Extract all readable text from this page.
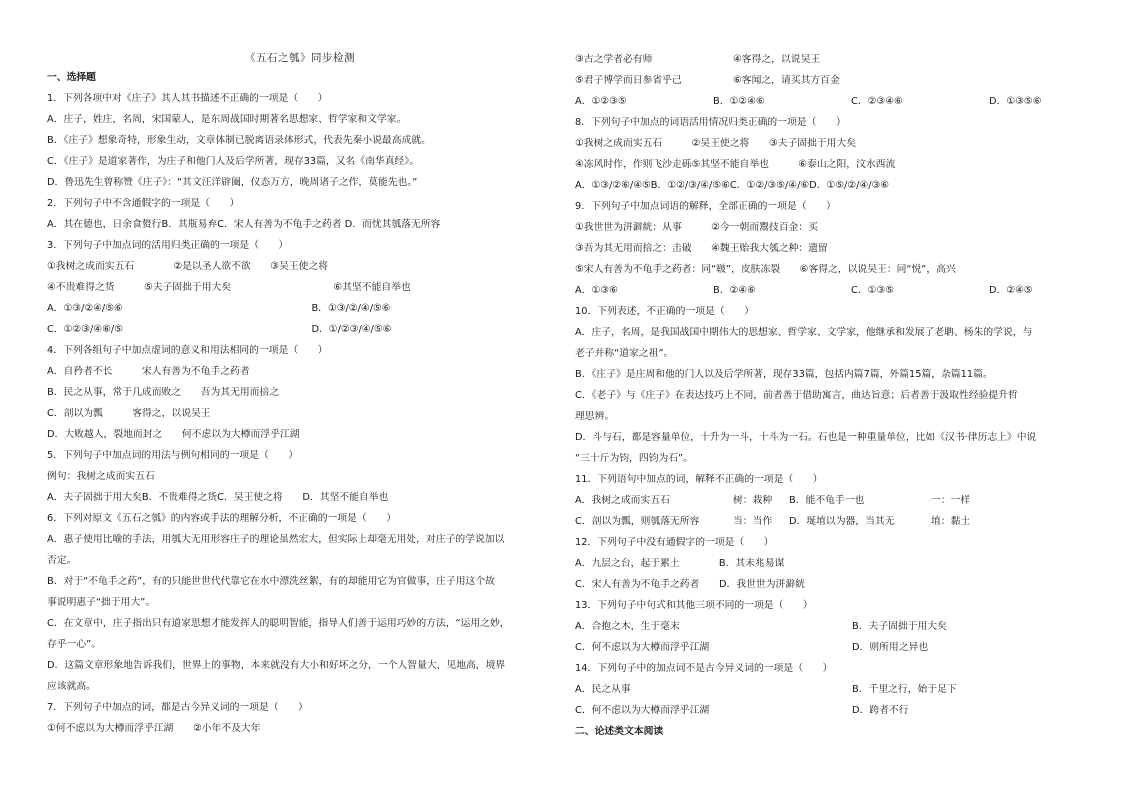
《五石之瓠》同步检测
一、选择题
1．下列各项中对《庄子》其人其书描述不正确的一项是（　　）
A．庄子，姓庄，名周，宋国蒙人，是东周战国时期著名思想家、哲学家和文学家。
B．《庄子》想象奇特，形象生动，文章体制已脱离语录体形式，代表先秦小说最高成就。
C．《庄子》是道家著作，为庄子和他门人及后学所著，现存33篇，又名《南华真经》。
D．鲁迅先生曾称赞《庄子》：“其文汪洋辟阖，仪态万方，晚周诸子之作，莫能先也。”
2．下列句子中不含通假字的一项是（　　）
A．其在德也，日余食赘行B．其瓶易弃C．宋人有善为不龟手之药者 D．而忧其瓠落无所容
3．下列句子中加点词的活用归类正确的一项是（　　）
①我树之成而实五石　　　　②是以圣人欲不欲　　③吴王使之将
④不贵难得之货　　　⑤夫子固拙于用大矣	⑥其坚不能自举也
A．①③/②④/⑤⑥	B．①③/②/④/⑤⑥
C．①②③/④⑥/⑤	D．①/②③/④/⑤⑥
4．下列各组句子中加点虚词的意义和用法相同的一项是（　　）
A．自矜者不长　　　宋人有善为不龟手之药者
B．民之从事，常于几成而败之　　吾为其无用而掊之
C．剖以为瓢　　　客得之，以说吴王
D．大败越人，裂地而封之　　何不虑以为大樽而浮乎江湖
5．下列句子中加点词的用法与例句相同的一项是（　　）
例句：我树之成而实五石
A．夫子固拙于用大矣B．不贵难得之货C．吴王使之将　　D．其坚不能自举也
6．下列对原文《五石之瓠》的内容或手法的理解分析，不正确的一项是（　　）
A．惠子使用比喻的手法，用瓠大无用形容庄子的理论虽然宏大，但实际上却毫无用处，对庄子的学说加以
否定。
B．对于“不龟手之药”，有的只能世世代代靠它在水中漂洗丝絮，有的却能用它为官做事，庄子用这个故
事说明惠子“拙于用大”。
C．在文章中，庄子指出只有道家思想才能发挥人的聪明智能，指导人们善于运用巧妙的方法，“运用之妙，
存乎一心”。
D．这篇文章形象地告诉我们，世界上的事物，本来就没有大小和好坏之分，一个人智量大，见地高，境界
应该就高。
7．下列句子中加点的词，都是古今异义词的一项是（　　）
①何不虑以为大樽而浮乎江湖　　②小年不及大年
③古之学者必有师	④客得之，以说吴王
⑤君子博学而日参省乎己	⑥客闻之，请买其方百金
A．①②③⑤	B．①②④⑥	C．②③④⑥	D．①③⑤⑥
8．下列句子中加点的词语活用情况归类正确的一项是（　　）
①我树之成而实五石　　　②吴王使之将　　③夫子固拙于用大矣
④冻风时作，作则飞沙走砾⑤其坚不能自举也　　　⑥泰山之阳，汶水西流
A．①③/②⑥/④⑤B．①②/③/④/⑤⑥C．①②/③⑤/④/⑥D．①⑤/②/④/③⑥
9．下列句子中加点词语的解释，全部正确的一项是（　　）
①我世世为洴澼絖：从事　　　②今一朝而鬻技百金：买
③吾为其无用而掊之：击破　　④魏王贻我大瓠之种：遗留
⑤宋人有善为不龟手之药者：同“皲”，皮肤冻裂　　⑥客得之，以说吴王：同“悦”，高兴
A．①③⑥	B．②④⑥	C．①③⑤	D．②④⑤
10．下列表述，不正确的一项是（　　）
A．庄子，名周，是我国战国中期伟大的思想家、哲学家、文学家，他继承和发展了老聃、杨朱的学说，与
老子并称“道家之祖”。
B．《庄子》是庄周和他的门人以及后学所著，现存33篇，包括内篇7篇，外篇15篇，杂篇11篇。
C．《老子》与《庄子》在表达技巧上不同，前者善于借助寓言，曲达旨意；后者善于汲取性经验提升哲
理思辨。
D．斗与石，都是容量单位，十升为一斗，十斗为一石。石也是一种重量单位，比如《汉书·律历志上》中说
“三十斤为钧，四钧为石”。
11．下列语句中加点的词，解释不正确的一项是（　　）
A．我树之成而实五石	树：栽种	B．能不龟手一也	一：一样
C．剖以为瓢，则瓠落无所容	当：当作	D．埏埴以为器，当其无	埴：黏土
12．下列句子中没有通假字的一项是（　　）
A．九层之台，起于累土　　　　B．其未兆易谋
C．宋人有善为不龟手之药者　　D．我世世为洴澼絖
13．下列句子中句式和其他三项不同的一项是（　　）
A．合抱之木，生于毫末	B．夫子固拙于用大矣
C．何不虑以为大樽而浮乎江湖	D．则所用之异也
14．下列句子中的加点词不是古今异义词的一项是（　　）
A．民之从事	B．千里之行，始于足下
C．何不虑以为大樽而浮乎江湖	D．跨者不行
二、论述类文本阅读
